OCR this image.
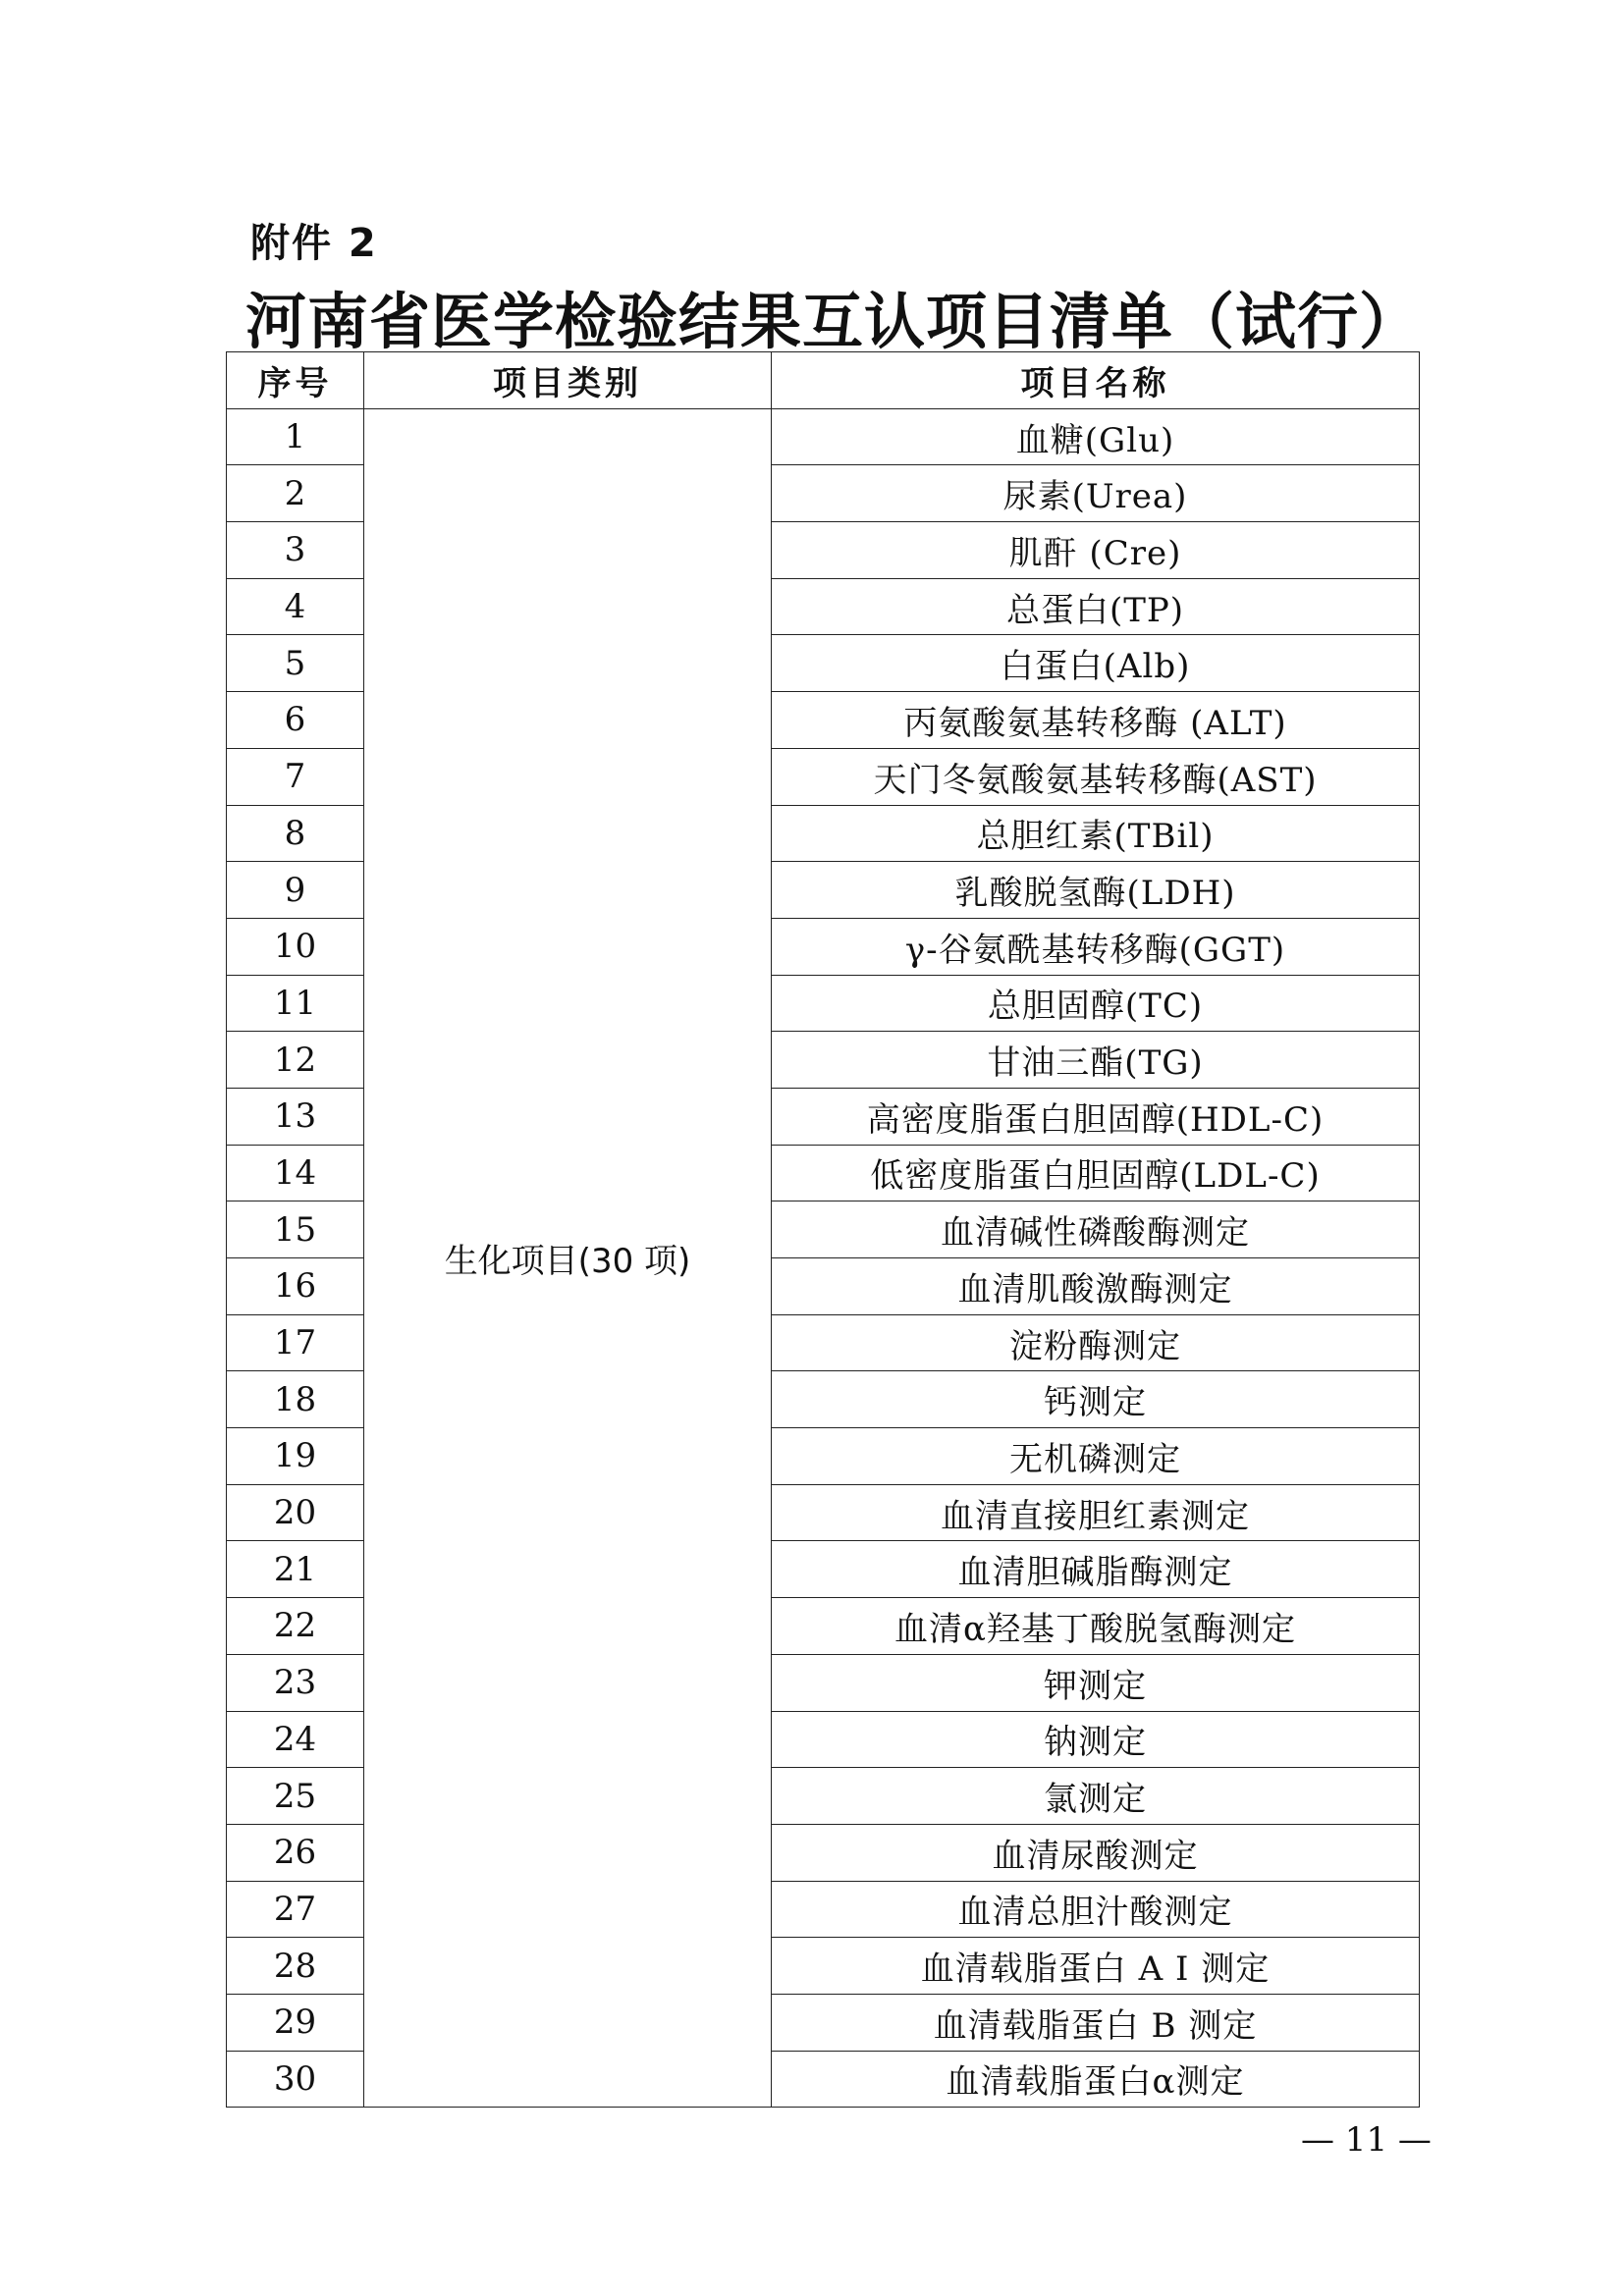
附件 2
河南省医学检验结果互认项目清单（试行）
序号	项目类别	项目名称
1	生化项目(30 项)	血糖(Glu)
2		尿素(Urea)
3		肌酐 (Cre)
4		总蛋白(TP)
5		白蛋白(Alb)
6		丙氨酸氨基转移酶 (ALT)
7		天门冬氨酸氨基转移酶(AST)
8		总胆红素(TBil)
9		乳酸脱氢酶(LDH)
10		γ-谷氨酰基转移酶(GGT)
11		总胆固醇(TC)
12		甘油三酯(TG)
13		高密度脂蛋白胆固醇(HDL-C)
14		低密度脂蛋白胆固醇(LDL-C)
15		血清碱性磷酸酶测定
16		血清肌酸激酶测定
17		淀粉酶测定
18		钙测定
19		无机磷测定
20		血清直接胆红素测定
21		血清胆碱脂酶测定
22		血清α羟基丁酸脱氢酶测定
23		钾测定
24		钠测定
25		氯测定
26		血清尿酸测定
27		血清总胆汁酸测定
28		血清载脂蛋白 A I 测定
29		血清载脂蛋白 B 测定
30		血清载脂蛋白α测定
— 11 —
